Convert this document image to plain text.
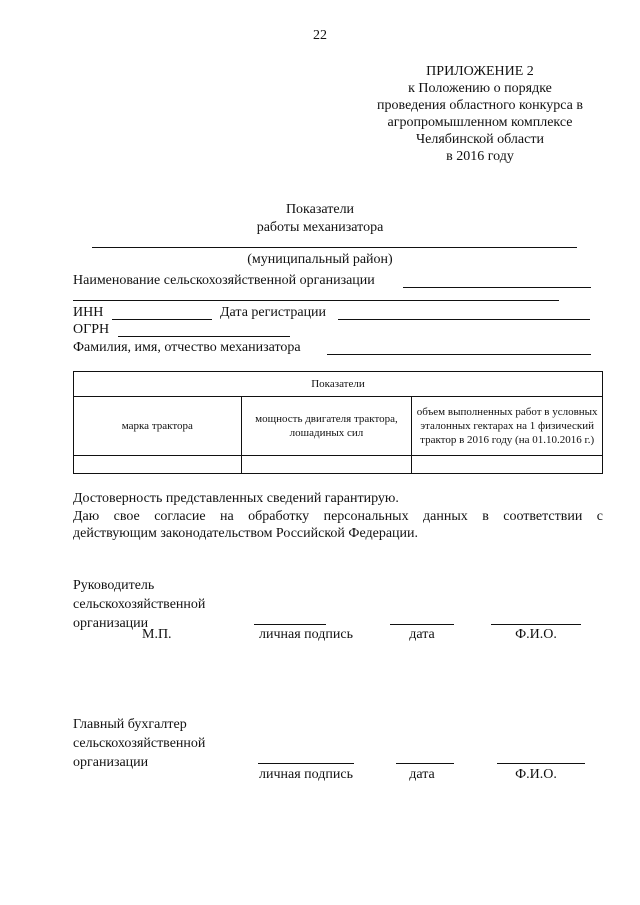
22
ПРИЛОЖЕНИЕ 2
к Положению о порядке
проведения областного конкурса в
агропромышленном комплексе
Челябинской области
в 2016 году
Показатели
работы механизатора
(муниципальный район)
Наименование сельскохозяйственной организации
ИНН	Дата регистрации
ОГРН
Фамилия, имя, отчество механизатора
Показатели		
марка трактора	мощность двигателя трактора, лошадиных сил	объем выполненных работ в условных эталонных гектарах на 1 физический трактор в 2016 году (на 01.10.2016 г.)

Достоверность представленных сведений гарантирую.
Даю свое согласие на обработку персональных данных в соответствии с
действующим законодательством Российской Федерации.
Руководитель
сельскохозяйственной
организации
М.П.	личная подпись	дата	Ф.И.О.
Главный бухгалтер
сельскохозяйственной
организации
личная подпись	дата	Ф.И.О.
